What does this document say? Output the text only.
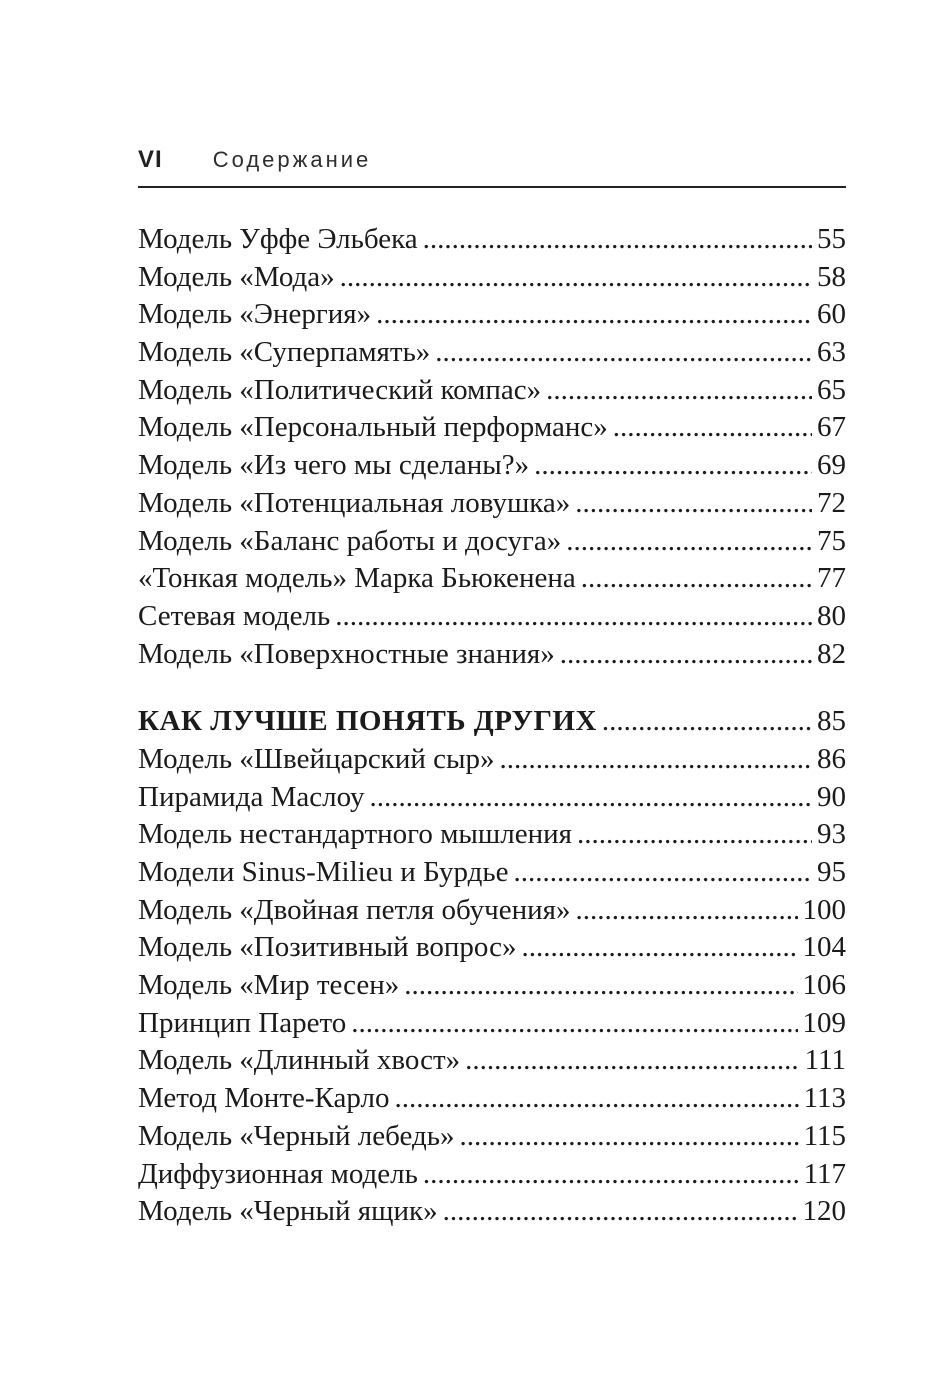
VI Содержание
Модель Уффе Эльбека .....	55
Модель «Мода» .....	58
Модель «Энергия» .....	60
Модель «Суперпамять» .....	63
Модель «Политический компас» .....	65
Модель «Персональный перформанс» .....	67
Модель «Из чего мы сделаны?» .....	69
Модель «Потенциальная ловушка» .....	72
Модель «Баланс работы и досуга» .....	75
«Тонкая модель» Марка Бьюкенена .....	77
Сетевая модель .....	80
Модель «Поверхностные знания» .....	82
КАК ЛУЧШЕ ПОНЯТЬ ДРУГИХ .....	85
Модель «Швейцарский сыр» .....	86
Пирамида Маслоу .....	90
Модель нестандартного мышления .....	93
Модели Sinus-Milieu и Бурдье .....	95
Модель «Двойная петля обучения» .....	100
Модель «Позитивный вопрос» .....	104
Модель «Мир тесен» .....	106
Принцип Парето .....	109
Модель «Длинный хвост» .....	111
Метод Монте-Карло .....	113
Модель «Черный лебедь» .....	115
Диффузионная модель .....	117
Модель «Черный ящик» .....	120
